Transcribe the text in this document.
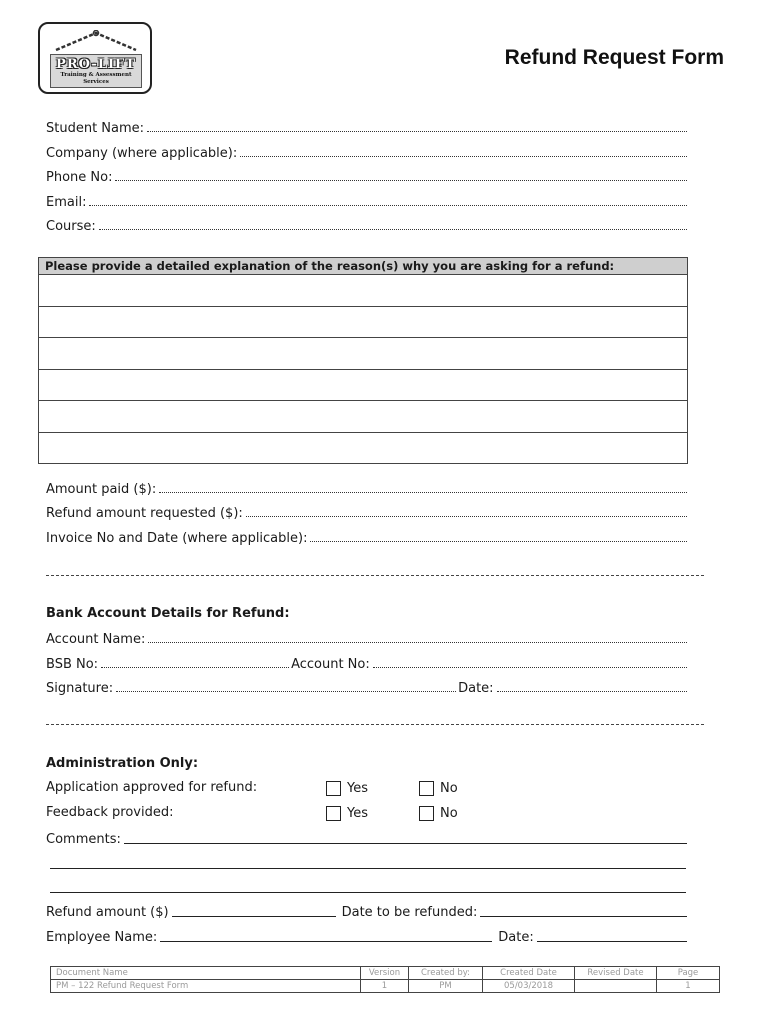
PRO-LIFT
Training & Assessment
Services
Refund Request Form
Student Name:
Company (where applicable):
Phone No:
Email:
Course:
Please provide a detailed explanation of the reason(s) why you are asking for a refund:
Amount paid ($):
Refund amount requested ($):
Invoice No and Date (where applicable):
Bank Account Details for Refund:
Account Name:
BSB No:	Account No:
Signature:	Date:
Administration Only:
Application approved for refund:	Yes	No
Feedback provided:	Yes	No
Comments:
Refund amount ($)	Date to be refunded:
Employee Name:	Date:
Document Name	Version	Created by:	Created Date	Revised Date	Page
PM – 122 Refund Request Form	1	PM	05/03/2018		1
